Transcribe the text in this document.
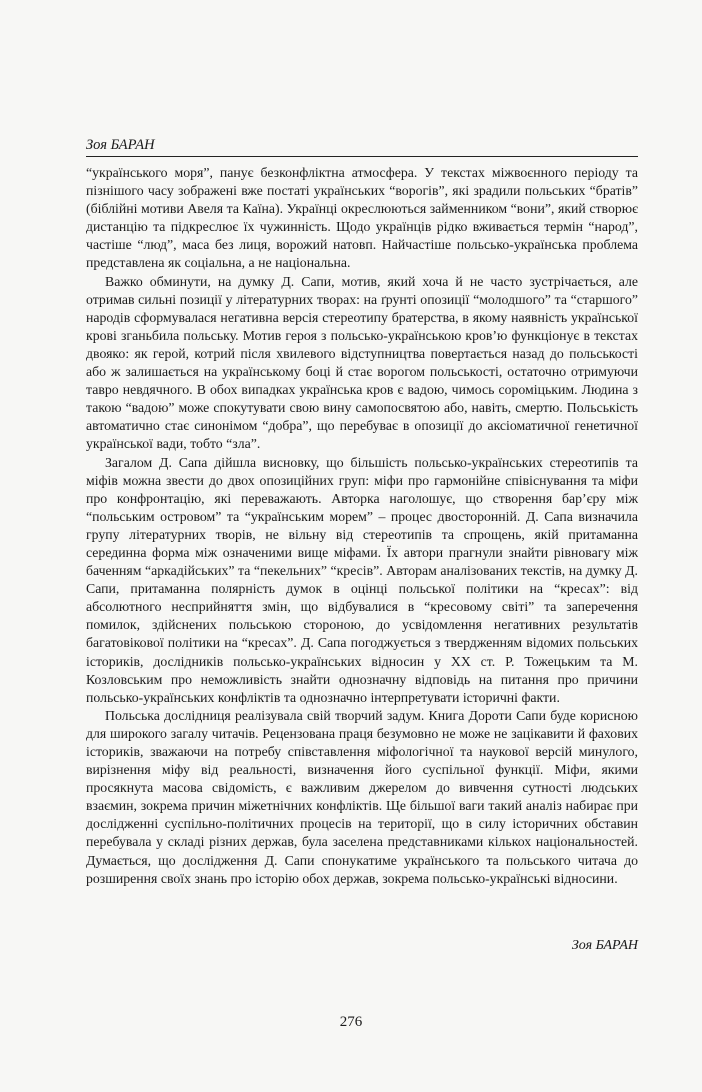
Зоя БАРАН

“українського моря”, панує безконфліктна атмосфера. У текстах міжвоєнного періоду та пізнішого часу зображені вже постаті українських “ворогів”, які зрадили польських “братів” (біблійні мотиви Авеля та Каїна). Українці окреслюються займенником “вони”, який створює дистанцію та підкреслює їх чужинність. Щодо українців рідко вживається термін “народ”, частіше “люд”, маса без лиця, ворожий натовп. Найчастіше польсько-українська проблема представлена як соціальна, а не національна.

Важко обминути, на думку Д. Сапи, мотив, який хоча й не часто зустрічається, але отримав сильні позиції у літературних творах: на ґрунті опозиції “молодшого” та “старшого” народів сформувалася негативна версія стереотипу братерства, в якому наявність української крові зганьбила польську. Мотив героя з польсько-українською кров’ю функціонує в текстах двояко: як герой, котрий після хвилевого відступництва повертається назад до польськості або ж залишається на українському боці й стає ворогом польськості, остаточно отримуючи тавро невдячного. В обох випадках українська кров є вадою, чимось сороміцьким. Людина з такою “вадою” може спокутувати свою вину самопосвятою або, навіть, смертю. Польськість автоматично стає синонімом “добра”, що перебуває в опозиції до аксіоматичної генетичної української вади, тобто “зла”.

Загалом Д. Сапа дійшла висновку, що більшість польсько-українських стереотипів та міфів можна звести до двох опозиційних груп: міфи про гармонійне співіснування та міфи про конфронтацію, які переважають. Авторка наголошує, що створення бар’єру між “польським островом” та “українським морем” – процес двосторонній. Д. Сапа визначила групу літературних творів, не вільну від стереотипів та спрощень, якій притаманна серединна форма між означеними вище міфами. Їх автори прагнули знайти рівновагу між баченням “аркадійських” та “пекельних” “кресів”. Авторам аналізованих текстів, на думку Д. Сапи, притаманна полярність думок в оцінці польської політики на “кресах”: від абсолютного несприйняття змін, що відбувалися в “кресовому світі” та заперечення помилок, здійснених польською стороною, до усвідомлення негативних результатів багатовікової політики на “кресах”. Д. Сапа погоджується з твердженням відомих польських істориків, дослідників польсько-українських відносин у XX ст. Р. Тожецьким та М. Козловським про неможливість знайти однозначну відповідь на питання про причини польсько-українських конфліктів та однозначно інтерпретувати історичні факти.

Польська дослідниця реалізувала свій творчий задум. Книга Дороти Сапи буде корисною для широкого загалу читачів. Рецензована праця безумовно не може не зацікавити й фахових істориків, зважаючи на потребу співставлення міфологічної та наукової версій минулого, вирізнення міфу від реальності, визначення його суспільної функції. Міфи, якими просякнута масова свідомість, є важливим джерелом до вивчення сутності людських взаємин, зокрема причин міжетнічних конфліктів. Ще більшої ваги такий аналіз набирає при дослідженні суспільно-політичних процесів на території, що в силу історичних обставин перебувала у складі різних держав, була заселена представниками кількох національностей. Думається, що дослідження Д. Сапи спонукатиме українського та польського читача до розширення своїх знань про історію обох держав, зокрема польсько-українські відносини.

Зоя БАРАН
276
